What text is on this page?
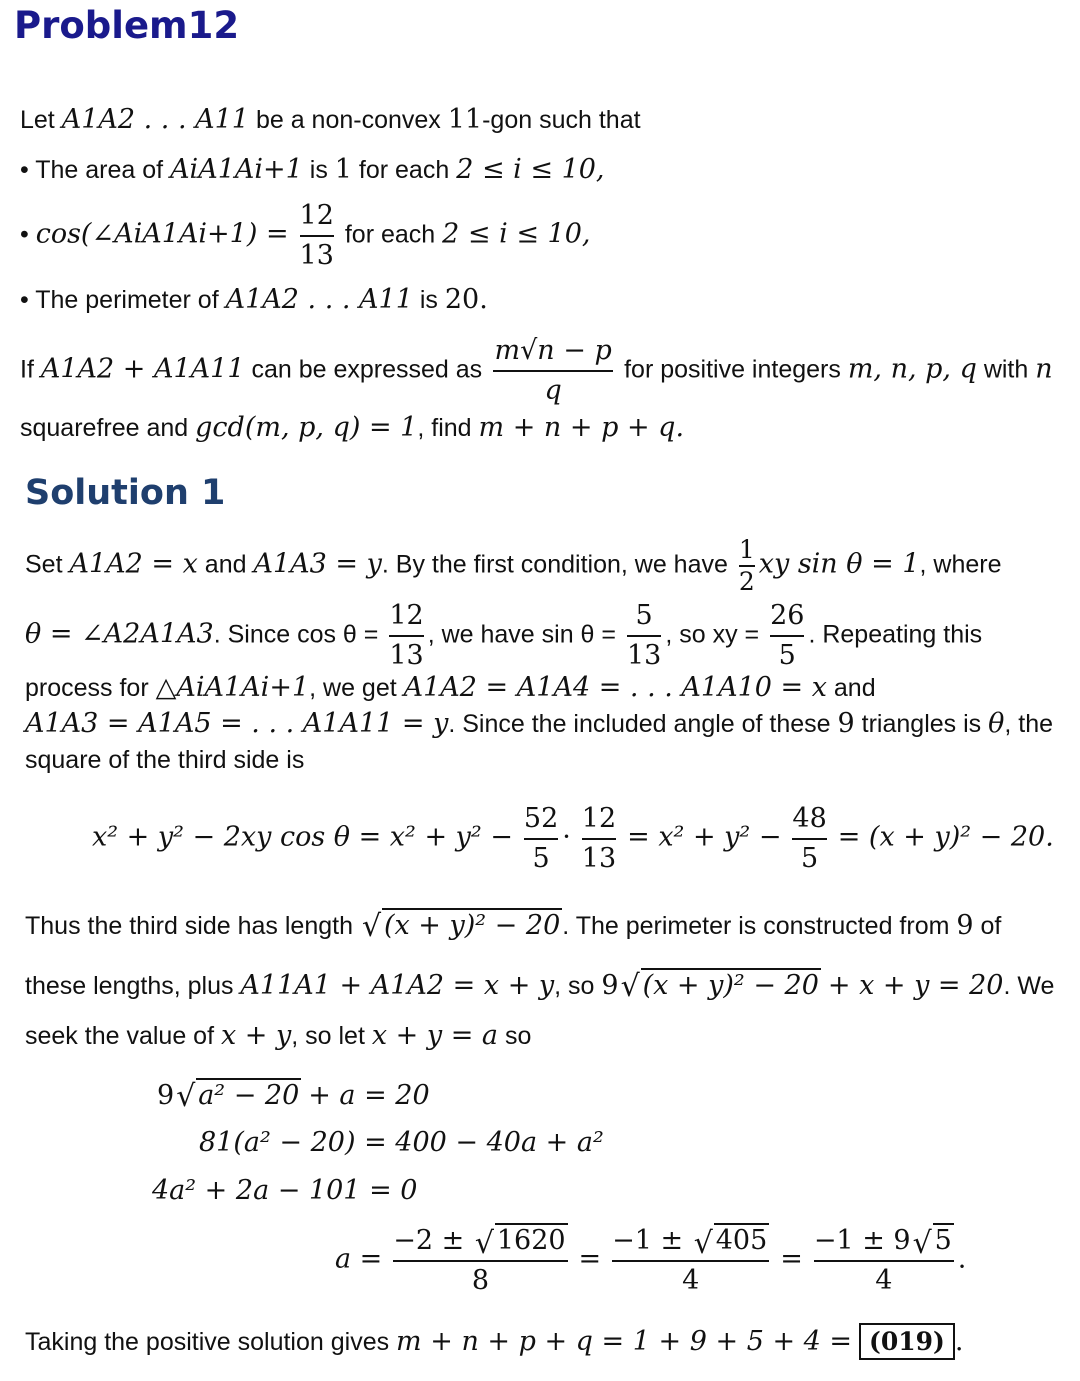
Problem12
Let A1A2 . . . A11 be a non-convex 11-gon such that
• The area of AiA1Ai+1 is 1 for each 2 ≤ i ≤ 10,
• cos(∠AiA1Ai+1) = $\frac{12}{13}$ for each 2 ≤ i ≤ 10,
• The perimeter of A1A2 . . . A11 is 20.
If A1A2 + A1A11 can be expressed as $\frac{m√n - p}{q}$ for positive integers m, n, p, q with n
squarefree and gcd(m, p, q) = 1, find m + n + p + q.
Solution 1
Set A1A2 = x and A1A3 = y. By the first condition, we have $\frac{1}{2}$ xy sin θ = 1, where
θ = ∠A2A1A3. Since $\cos \theta = \frac{12}{13}$ , we have $\sin \theta = \frac{5}{13}$ , so xy = $\frac{26}{5}$ . Repeating this
process for △AiA1Ai+1, we get A1A2 = A1A4 = . . . A1A10 = x and
A1A3 = A1A5 = . . . A1A11 = y. Since the included angle of these 9 triangles is θ, the
square of the third side is
x² + y² − 2xy $\cos \theta = x^2 + y^2 - \frac{52}{5} \cdot \frac{12}{13} = x^2 + y^2 - \frac{48}{5} = (x + y)^2 - 20$.
Thus the third side has length √ (x + y)² − 20. The perimeter is constructed from 9 of
these lengths, plus A11A1 + A1A2 = x + y, so 9 √ (x + y)² − 20 + x + y = 20. We
seek the value of x + y, so let x + y = a so
9 √ a² − 20 + a = 20
81(a² − 20) = 400 − 40a + a²
4a² + 2a − 101 = 0
$a = \frac{-2 \pm √ 1620}{8} = \frac{-1 \pm √ 405}{4} = \frac{-1 \pm 9 √ 5}{4}$ .
Taking the positive solution gives m + n + p + q = 1 + 9 + 5 + 4 = (019) .
